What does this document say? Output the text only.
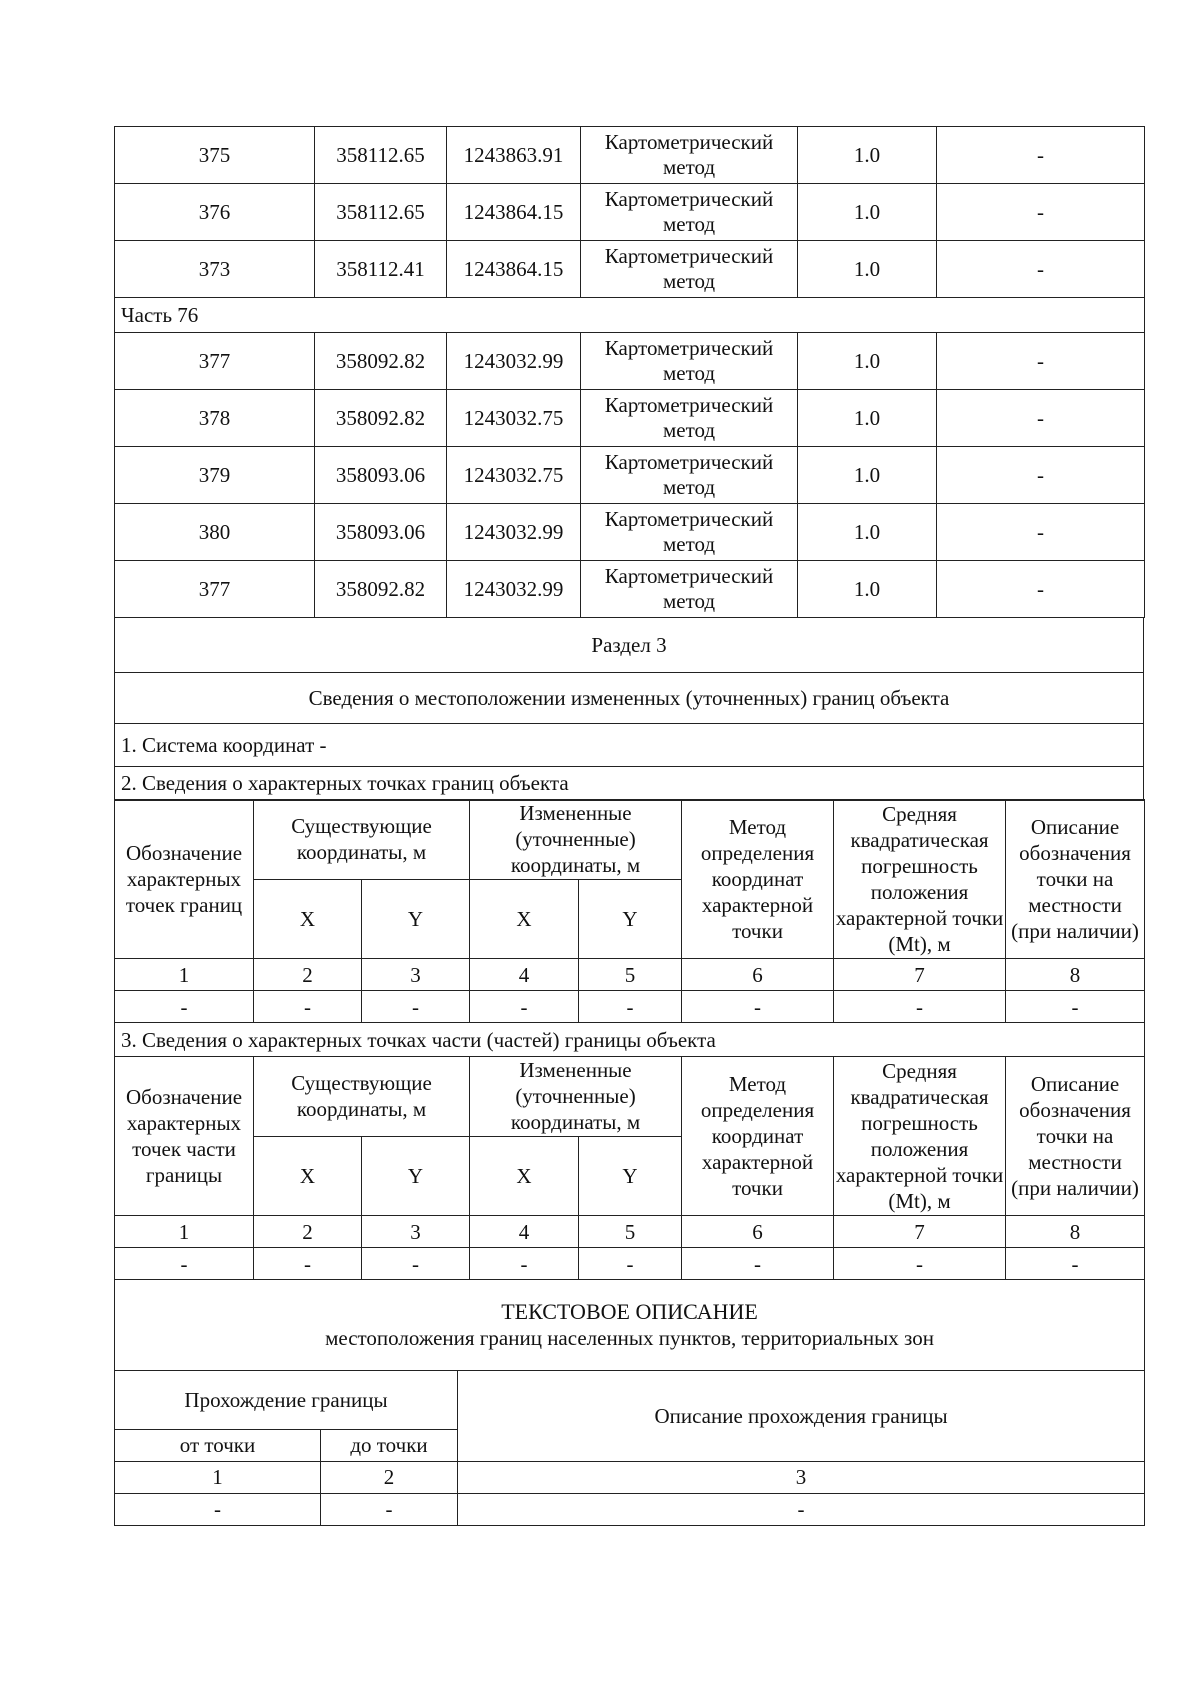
375	358112.65	1243863.91	Картометрический метод	1.0	-
376	358112.65	1243864.15	Картометрический метод	1.0	-
373	358112.41	1243864.15	Картометрический метод	1.0	-
Часть 76					
377	358092.82	1243032.99	Картометрический метод	1.0	-
378	358092.82	1243032.75	Картометрический метод	1.0	-
379	358093.06	1243032.75	Картометрический метод	1.0	-
380	358093.06	1243032.99	Картометрический метод	1.0	-
377	358092.82	1243032.99	Картометрический метод	1.0	-
Раздел 3
Сведения о местоположении измененных (уточненных) границ объекта
1. Система координат -
2. Сведения о характерных точках границ объекта
Обозначение характерных точек границ	Существующие координаты, м		Измененные (уточненные) координаты, м		Метод определения координат характерной точки	Средняя квадратическая погрешность положения характерной точки (Mt), м	Описание обозначения точки на местности (при наличии)
	X	Y	X	Y			
1	2	3	4	5	6	7	8
-	-	-	-	-	-	-	-
3. Сведения о характерных точках части (частей) границы объекта							
Обозначение характерных точек части границы	Существующие координаты, м		Измененные (уточненные) координаты, м		Метод определения координат характерной точки	Средняя квадратическая погрешность положения характерной точки (Mt), м	Описание обозначения точки на местности (при наличии)
	X	Y	X	Y			
1	2	3	4	5	6	7	8
-	-	-	-	-	-	-	-
ТЕКСТОВОЕ ОПИСАНИЕ
местоположения границ населенных пунктов, территориальных зон		

Прохождение границы		Описание прохождения границы
от точки	до точки	
1	2	3
-	-	-
